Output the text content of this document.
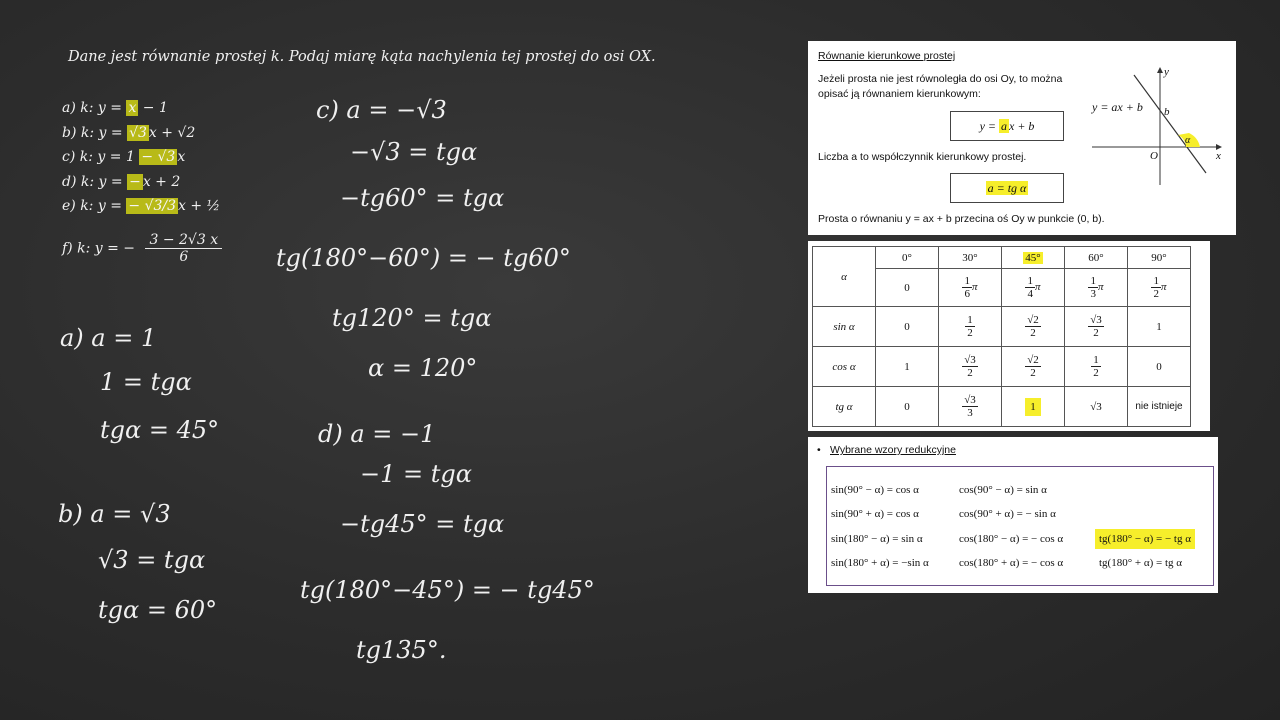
Dane jest równanie prostej k. Podaj miarę kąta nachylenia tej prostej do osi OX.
a) k: y = x − 1
b) k: y = √3 x + √2
c) k: y = 1 − √3 x
d) k: y = − x + 2
e) k: y = − √3/3 x + ½
f) k: y = − $\frac{3 - 2√3 x}{6}$
a) a = 1
1 = tgα
tgα = 45°
b) a = √3
√3 = tgα
tgα = 60°
c) a = −√3
−√3 = tgα
−tg60° = tgα
tg(180°−60°) = − tg60°
tg120° = tgα
α = 120°
d) a = −1
−1 = tgα
−tg45° = tgα
tg(180°−45°) = − tg45°
tg135°.
Równanie kierunkowe prostej
Jeżeli prosta nie jest równoległa do osi Oy, to można
opisać ją równaniem kierunkowym:
y = a x + b
Liczba a to współczynnik kierunkowy prostej.
a = tg α
Prosta o równaniu y = ax + b przecina oś Oy w punkcie (0, b).
y = ax + b
y
x
O
b
α
α	0°	30°	45°	60°	90°
	0	$\frac{1}{6}$ π	$\frac{1}{4}$ π	$\frac{1}{3}$ π	$\frac{1}{2}$ π
sin α	0	$\frac{1}{2}$	$\frac{√2}{2}$	$\frac{√3}{2}$	1
cos α	1	$\frac{√3}{2}$	$\frac{√2}{2}$	$\frac{1}{2}$	0
tg α	0	$\frac{√3}{3}$	1	√3	nie istnieje
• Wybrane wzory redukcyjne
sin(90° − α) = cos α	cos(90° − α) = sin α
sin(90° + α) = cos α	cos(90° + α) = − sin α
sin(180° − α) = sin α	cos(180° − α) = − cos α	tg(180° − α) = − tg α
sin(180° + α) = −sin α	cos(180° + α) = − cos α	tg(180° + α) = tg α
